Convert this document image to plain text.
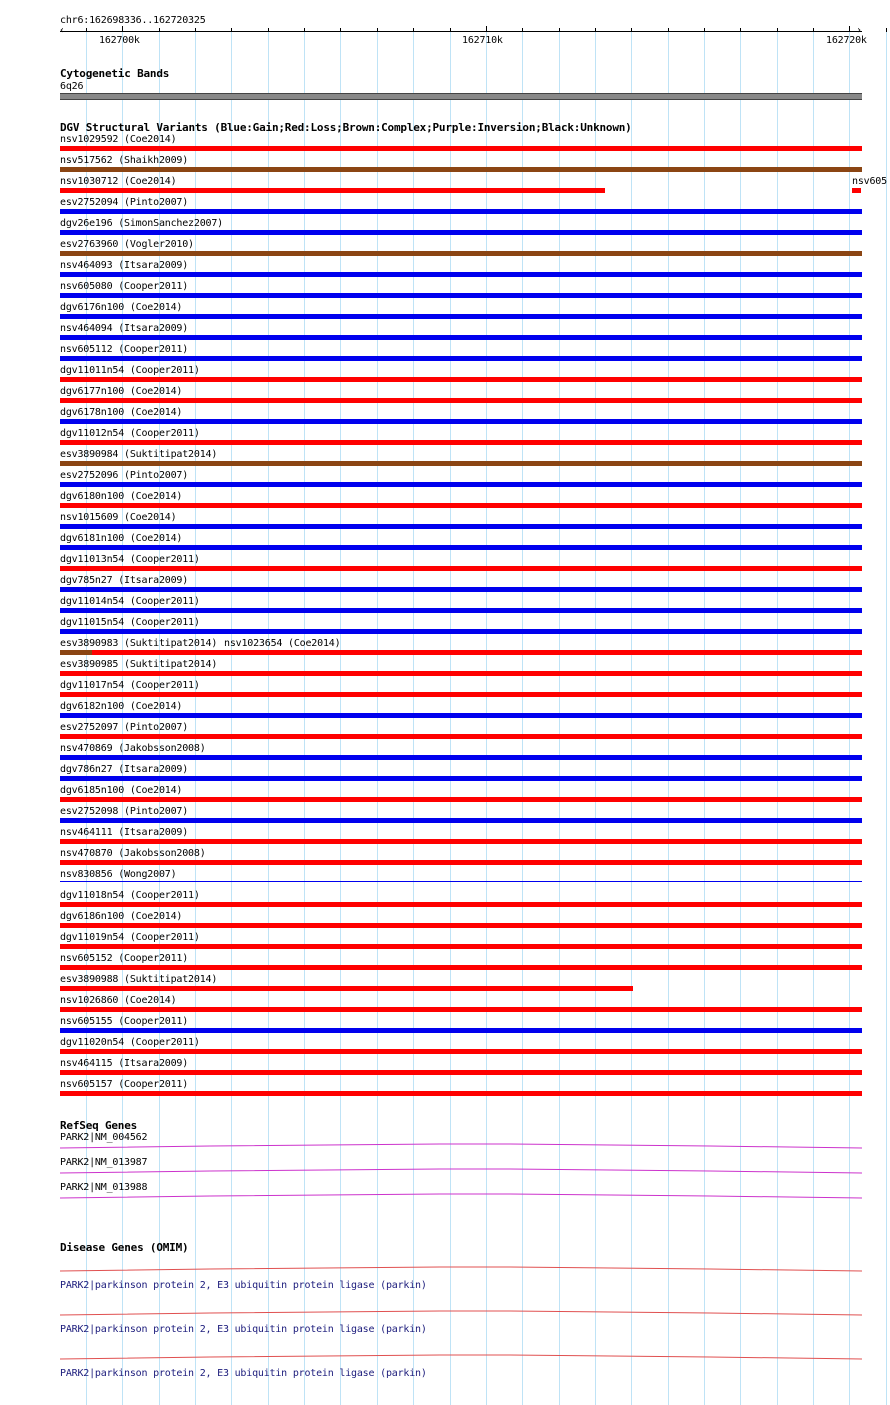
chr6:162698336..162720325
‹	›
162700k	162710k	162720k
Cytogenetic Bands
6q26
DGV Structural Variants (Blue:Gain;Red:Loss;Brown:Complex;Purple:Inversion;Black:Unknown)
nsv1029592 (Coe2014)
nsv517562 (Shaikh2009)
nsv1030712 (Coe2014)	nsv605
esv2752094 (Pinto2007)
dgv26e196 (SimonSanchez2007)
esv2763960 (Vogler2010)
nsv464093 (Itsara2009)
nsv605080 (Cooper2011)
dgv6176n100 (Coe2014)
nsv464094 (Itsara2009)
nsv605112 (Cooper2011)
dgv11011n54 (Cooper2011)
dgv6177n100 (Coe2014)
dgv6178n100 (Coe2014)
dgv11012n54 (Cooper2011)
esv3890984 (Suktitipat2014)
esv2752096 (Pinto2007)
dgv6180n100 (Coe2014)
nsv1015609 (Coe2014)
dgv6181n100 (Coe2014)
dgv11013n54 (Cooper2011)
dgv785n27 (Itsara2009)
dgv11014n54 (Cooper2011)
dgv11015n54 (Cooper2011)
esv3890983 (Suktitipat2014) nsv1023654 (Coe2014)
esv3890985 (Suktitipat2014)
dgv11017n54 (Cooper2011)
dgv6182n100 (Coe2014)
esv2752097 (Pinto2007)
nsv470869 (Jakobsson2008)
dgv786n27 (Itsara2009)
dgv6185n100 (Coe2014)
esv2752098 (Pinto2007)
nsv464111 (Itsara2009)
nsv470870 (Jakobsson2008)
nsv830856 (Wong2007)
dgv11018n54 (Cooper2011)
dgv6186n100 (Coe2014)
dgv11019n54 (Cooper2011)
nsv605152 (Cooper2011)
esv3890988 (Suktitipat2014)
nsv1026860 (Coe2014)
nsv605155 (Cooper2011)
dgv11020n54 (Cooper2011)
nsv464115 (Itsara2009)
nsv605157 (Cooper2011)
RefSeq Genes
PARK2|NM_004562
PARK2|NM_013987
PARK2|NM_013988
Disease Genes (OMIM)
PARK2|parkinson protein 2, E3 ubiquitin protein ligase (parkin)
PARK2|parkinson protein 2, E3 ubiquitin protein ligase (parkin)
PARK2|parkinson protein 2, E3 ubiquitin protein ligase (parkin)
